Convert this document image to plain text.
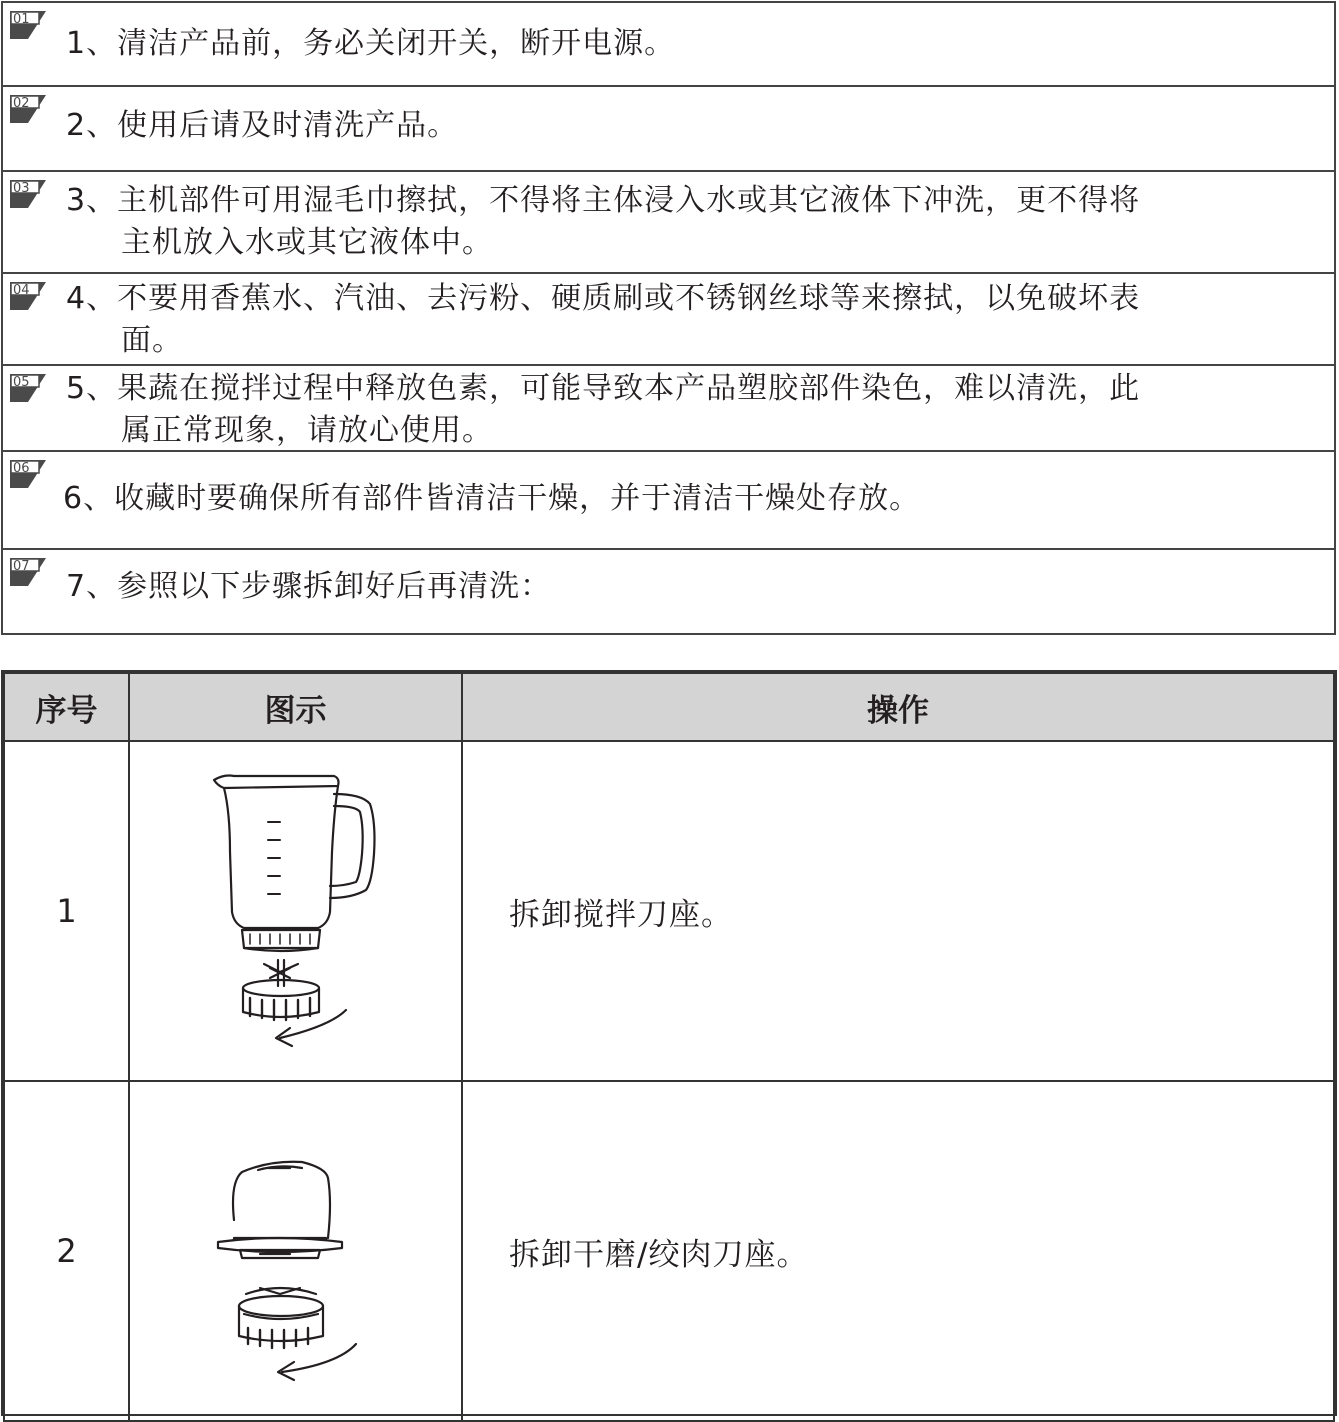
01
1、清洁产品前，务必关闭开关，断开电源。
02
2、使用后请及时清洗产品。
03 3、主机部件可用湿毛巾擦拭，不得将主体浸入水或其它液体下冲洗，更不得将
主机放入水或其它液体中。
04 4、不要用香蕉水、汽油、去污粉、硬质刷或不锈钢丝球等来擦拭，以免破坏表
面。
05 5、果蔬在搅拌过程中释放色素，可能导致本产品塑胶部件染色，难以清洗，此
属正常现象，请放心使用。
06
6、收藏时要确保所有部件皆清洁干燥，并于清洁干燥处存放。
07
7、参照以下步骤拆卸好后再清洗：
序号	图示	操作
1		拆卸搅拌刀座。
2		拆卸干磨/绞肉刀座。
